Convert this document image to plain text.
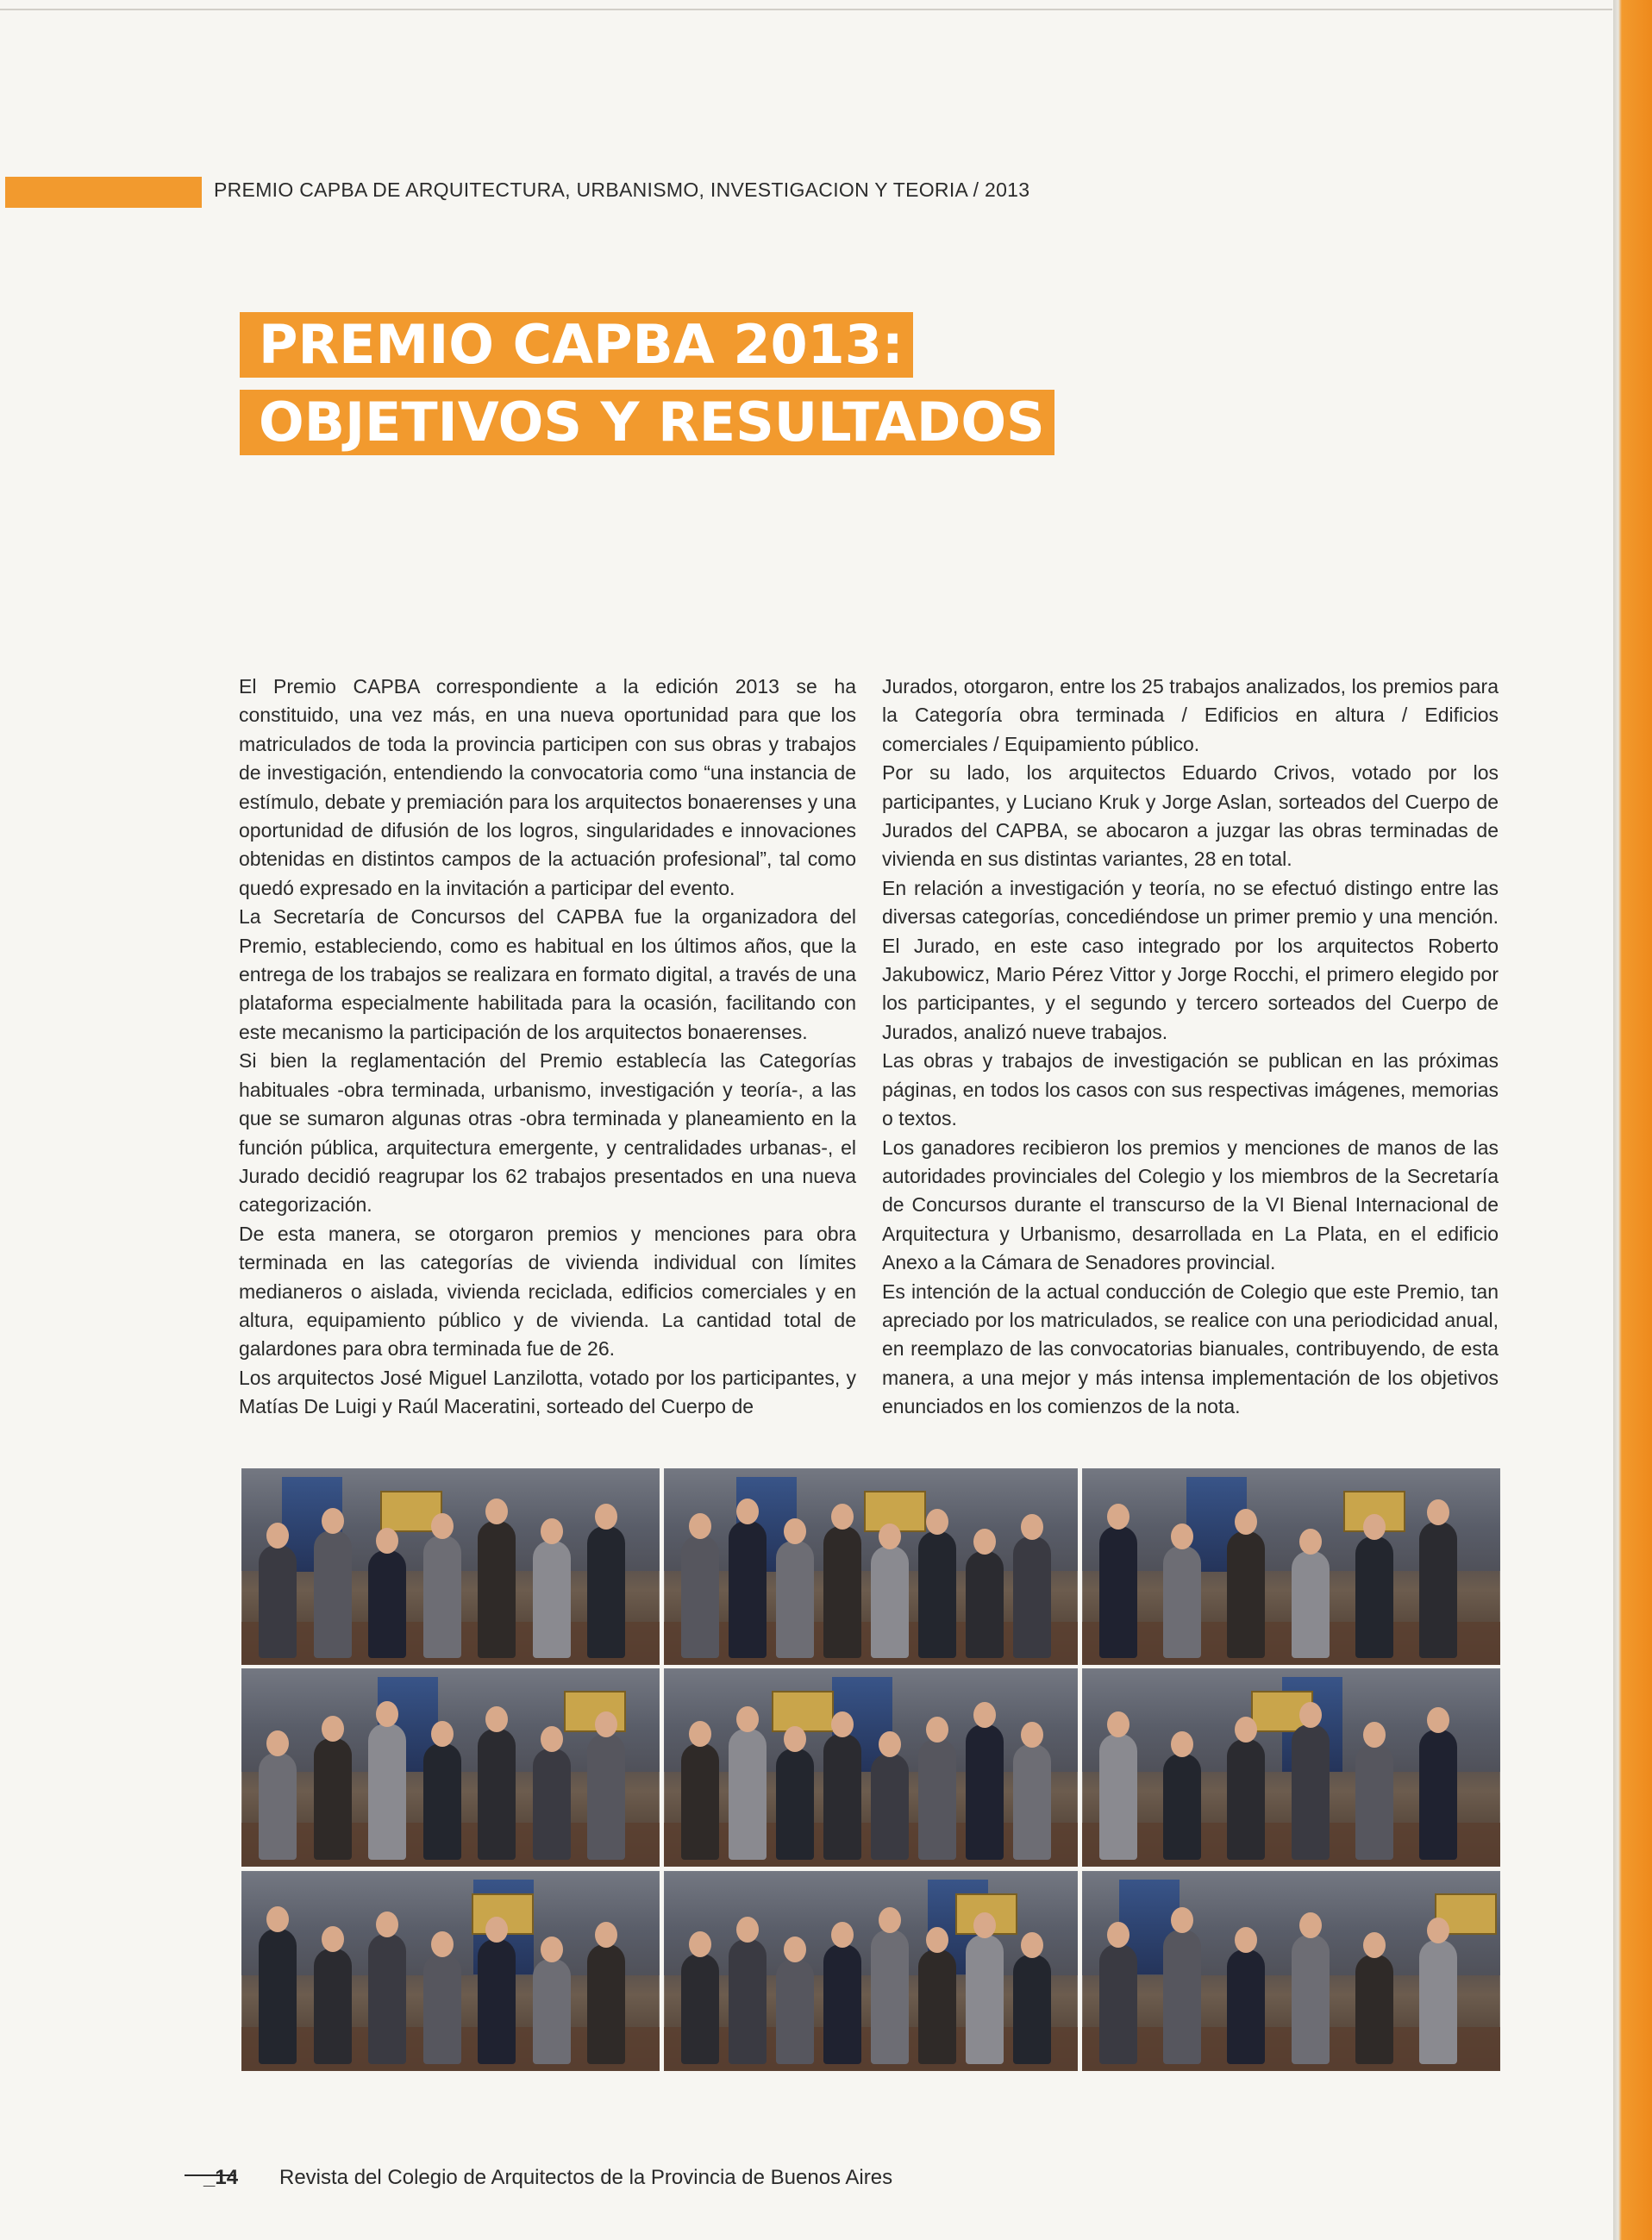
PREMIO CAPBA DE ARQUITECTURA, URBANISMO, INVESTIGACION Y TEORIA / 2013
PREMIO CAPBA 2013:
OBJETIVOS Y RESULTADOS

El Premio CAPBA correspondiente a la edición 2013 se ha constituido, una vez más, en una nueva oportunidad para que los matriculados de toda la provincia participen con sus obras y trabajos de investigación, entendiendo la convocatoria como “una instancia de estímulo, debate y premiación para los arquitectos bonaerenses y una oportunidad de difusión de los logros, singularidades e innovaciones obtenidas en distintos campos de la actuación profesional”, tal como quedó expresado en la invitación a participar del evento.

La Secretaría de Concursos del CAPBA fue la organizadora del Premio, estableciendo, como es habitual en los últimos años, que la entrega de los trabajos se realizara en formato digital, a través de una plataforma especialmente habilitada para la ocasión, facilitando con este mecanismo la participación de los arquitectos bonaerenses.

Si bien la reglamentación del Premio establecía las Categorías habituales -obra terminada, urbanismo, investigación y teoría-, a las que se sumaron algunas otras -obra terminada y planeamiento en la función pública, arquitectura emergente, y centralidades urbanas-, el Jurado decidió reagrupar los 62 trabajos presentados en una nueva categorización.

De esta manera, se otorgaron premios y menciones para obra terminada en las categorías de vivienda individual con límites medianeros o aislada, vivienda reciclada, edificios comerciales y en altura, equipamiento público y de vivienda. La cantidad total de galardones para obra terminada fue de 26.

Los arquitectos José Miguel Lanzilotta, votado por los participantes, y Matías De Luigi y Raúl Maceratini, sorteado del Cuerpo de

Jurados, otorgaron, entre los 25 trabajos analizados, los premios para la Categoría obra terminada / Edificios en altura / Edificios comerciales / Equipamiento público.

Por su lado, los arquitectos Eduardo Crivos, votado por los participantes, y Luciano Kruk y Jorge Aslan, sorteados del Cuerpo de Jurados del CAPBA, se abocaron a juzgar las obras terminadas de vivienda en sus distintas variantes, 28 en total.

En relación a investigación y teoría, no se efectuó distingo entre las diversas categorías, concediéndose un primer premio y una mención. El Jurado, en este caso integrado por los arquitectos Roberto Jakubowicz, Mario Pérez Vittor y Jorge Rocchi, el primero elegido por los participantes, y el segundo y tercero sorteados del Cuerpo de Jurados, analizó nueve trabajos.

Las obras y trabajos de investigación se publican en las próximas páginas, en todos los casos con sus respectivas imágenes, memorias o textos.

Los ganadores recibieron los premios y menciones de manos de las autoridades provinciales del Colegio y los miembros de la Secretaría de Concursos durante el transcurso de la VI Bienal Internacional de Arquitectura y Urbanismo, desarrollada en La Plata, en el edificio Anexo a la Cámara de Senadores provincial.

Es intención de la actual conducción de Colegio que este Premio, tan apreciado por los matriculados, se realice con una periodicidad anual, en reemplazo de las convocatorias bianuales, contribuyendo, de esta manera, a una mejor y más intensa implementación de los objetivos enunciados en los comienzos de la nota.

_14 Revista del Colegio de Arquitectos de la Provincia de Buenos Aires
